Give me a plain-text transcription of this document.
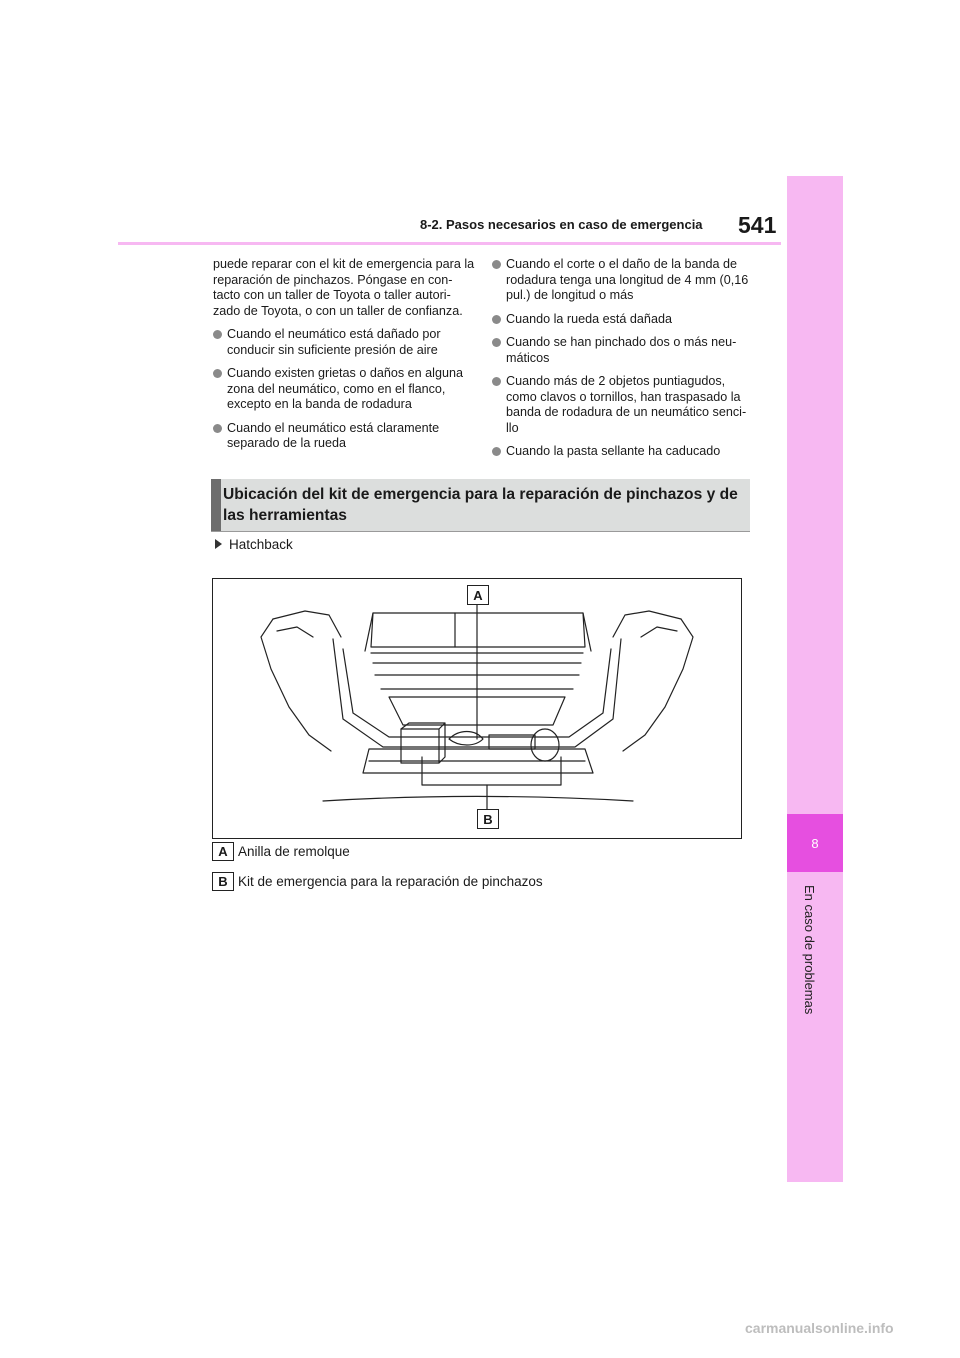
8-2. Pasos necesarios en caso de emergencia 541
8
En caso de problemas

puede reparar con el kit de emergencia para la reparación de pinchazos. Póngase en con-tacto con un taller de Toyota o taller autori-zado de Toyota, o con un taller de confianza.

Cuando el neumático está dañado por conducir sin suficiente presión de aire
Cuando existen grietas o daños en alguna zona del neumático, como en el flanco, excepto en la banda de rodadura
Cuando el neumático está claramente separado de la rueda
Cuando el corte o el daño de la banda de rodadura tenga una longitud de 4 mm (0,16 pul.) de longitud o más
Cuando la rueda está dañada
Cuando se han pinchado dos o más neu-máticos
Cuando más de 2 objetos puntiagudos, como clavos o tornillos, han traspasado la banda de rodadura de un neumático senci-llo
Cuando la pasta sellante ha caducado
Ubicación del kit de emergencia para la reparación de pinchazos y de las herramientas
Hatchback
A
B
A Anilla de remolque
B Kit de emergencia para la reparación de pinchazos
carmanualsonline.info
